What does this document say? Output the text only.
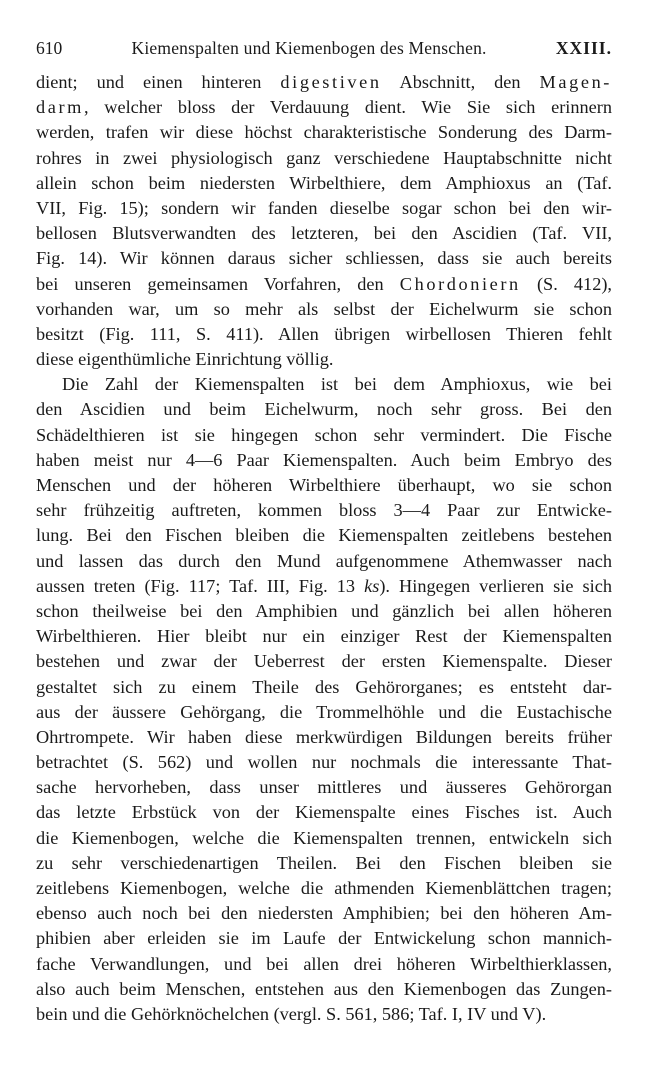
610	Kiemenspalten und Kiemenbogen des Menschen.	XXIII.
dient; und einen hinteren digestiven Abschnitt, den Magen-
darm, welcher bloss der Verdauung dient. Wie Sie sich erinnern
werden, trafen wir diese höchst charakteristische Sonderung des Darm-
rohres in zwei physiologisch ganz verschiedene Hauptabschnitte nicht
allein schon beim niedersten Wirbelthiere, dem Amphioxus an (Taf.
VII, Fig. 15); sondern wir fanden dieselbe sogar schon bei den wir-
bellosen Blutsverwandten des letzteren, bei den Ascidien (Taf. VII,
Fig. 14). Wir können daraus sicher schliessen, dass sie auch bereits
bei unseren gemeinsamen Vorfahren, den Chordoniern (S. 412),
vorhanden war, um so mehr als selbst der Eichelwurm sie schon
besitzt (Fig. 111, S. 411). Allen übrigen wirbellosen Thieren fehlt
diese eigenthümliche Einrichtung völlig.
Die Zahl der Kiemenspalten ist bei dem Amphioxus, wie bei
den Ascidien und beim Eichelwurm, noch sehr gross. Bei den
Schädelthieren ist sie hingegen schon sehr vermindert. Die Fische
haben meist nur 4—6 Paar Kiemenspalten. Auch beim Embryo des
Menschen und der höheren Wirbelthiere überhaupt, wo sie schon
sehr frühzeitig auftreten, kommen bloss 3—4 Paar zur Entwicke-
lung. Bei den Fischen bleiben die Kiemenspalten zeitlebens bestehen
und lassen das durch den Mund aufgenommene Athemwasser nach
aussen treten (Fig. 117; Taf. III, Fig. 13 ks). Hingegen verlieren sie sich
schon theilweise bei den Amphibien und gänzlich bei allen höheren
Wirbelthieren. Hier bleibt nur ein einziger Rest der Kiemenspalten
bestehen und zwar der Ueberrest der ersten Kiemenspalte. Dieser
gestaltet sich zu einem Theile des Gehörorganes; es entsteht dar-
aus der äussere Gehörgang, die Trommelhöhle und die Eustachische
Ohrtrompete. Wir haben diese merkwürdigen Bildungen bereits früher
betrachtet (S. 562) und wollen nur nochmals die interessante That-
sache hervorheben, dass unser mittleres und äusseres Gehörorgan
das letzte Erbstück von der Kiemenspalte eines Fisches ist. Auch
die Kiemenbogen, welche die Kiemenspalten trennen, entwickeln sich
zu sehr verschiedenartigen Theilen. Bei den Fischen bleiben sie
zeitlebens Kiemenbogen, welche die athmenden Kiemenblättchen tragen;
ebenso auch noch bei den niedersten Amphibien; bei den höheren Am-
phibien aber erleiden sie im Laufe der Entwickelung schon mannich-
fache Verwandlungen, und bei allen drei höheren Wirbelthierklassen,
also auch beim Menschen, entstehen aus den Kiemenbogen das Zungen-
bein und die Gehörknöchelchen (vergl. S. 561, 586; Taf. I, IV und V).
